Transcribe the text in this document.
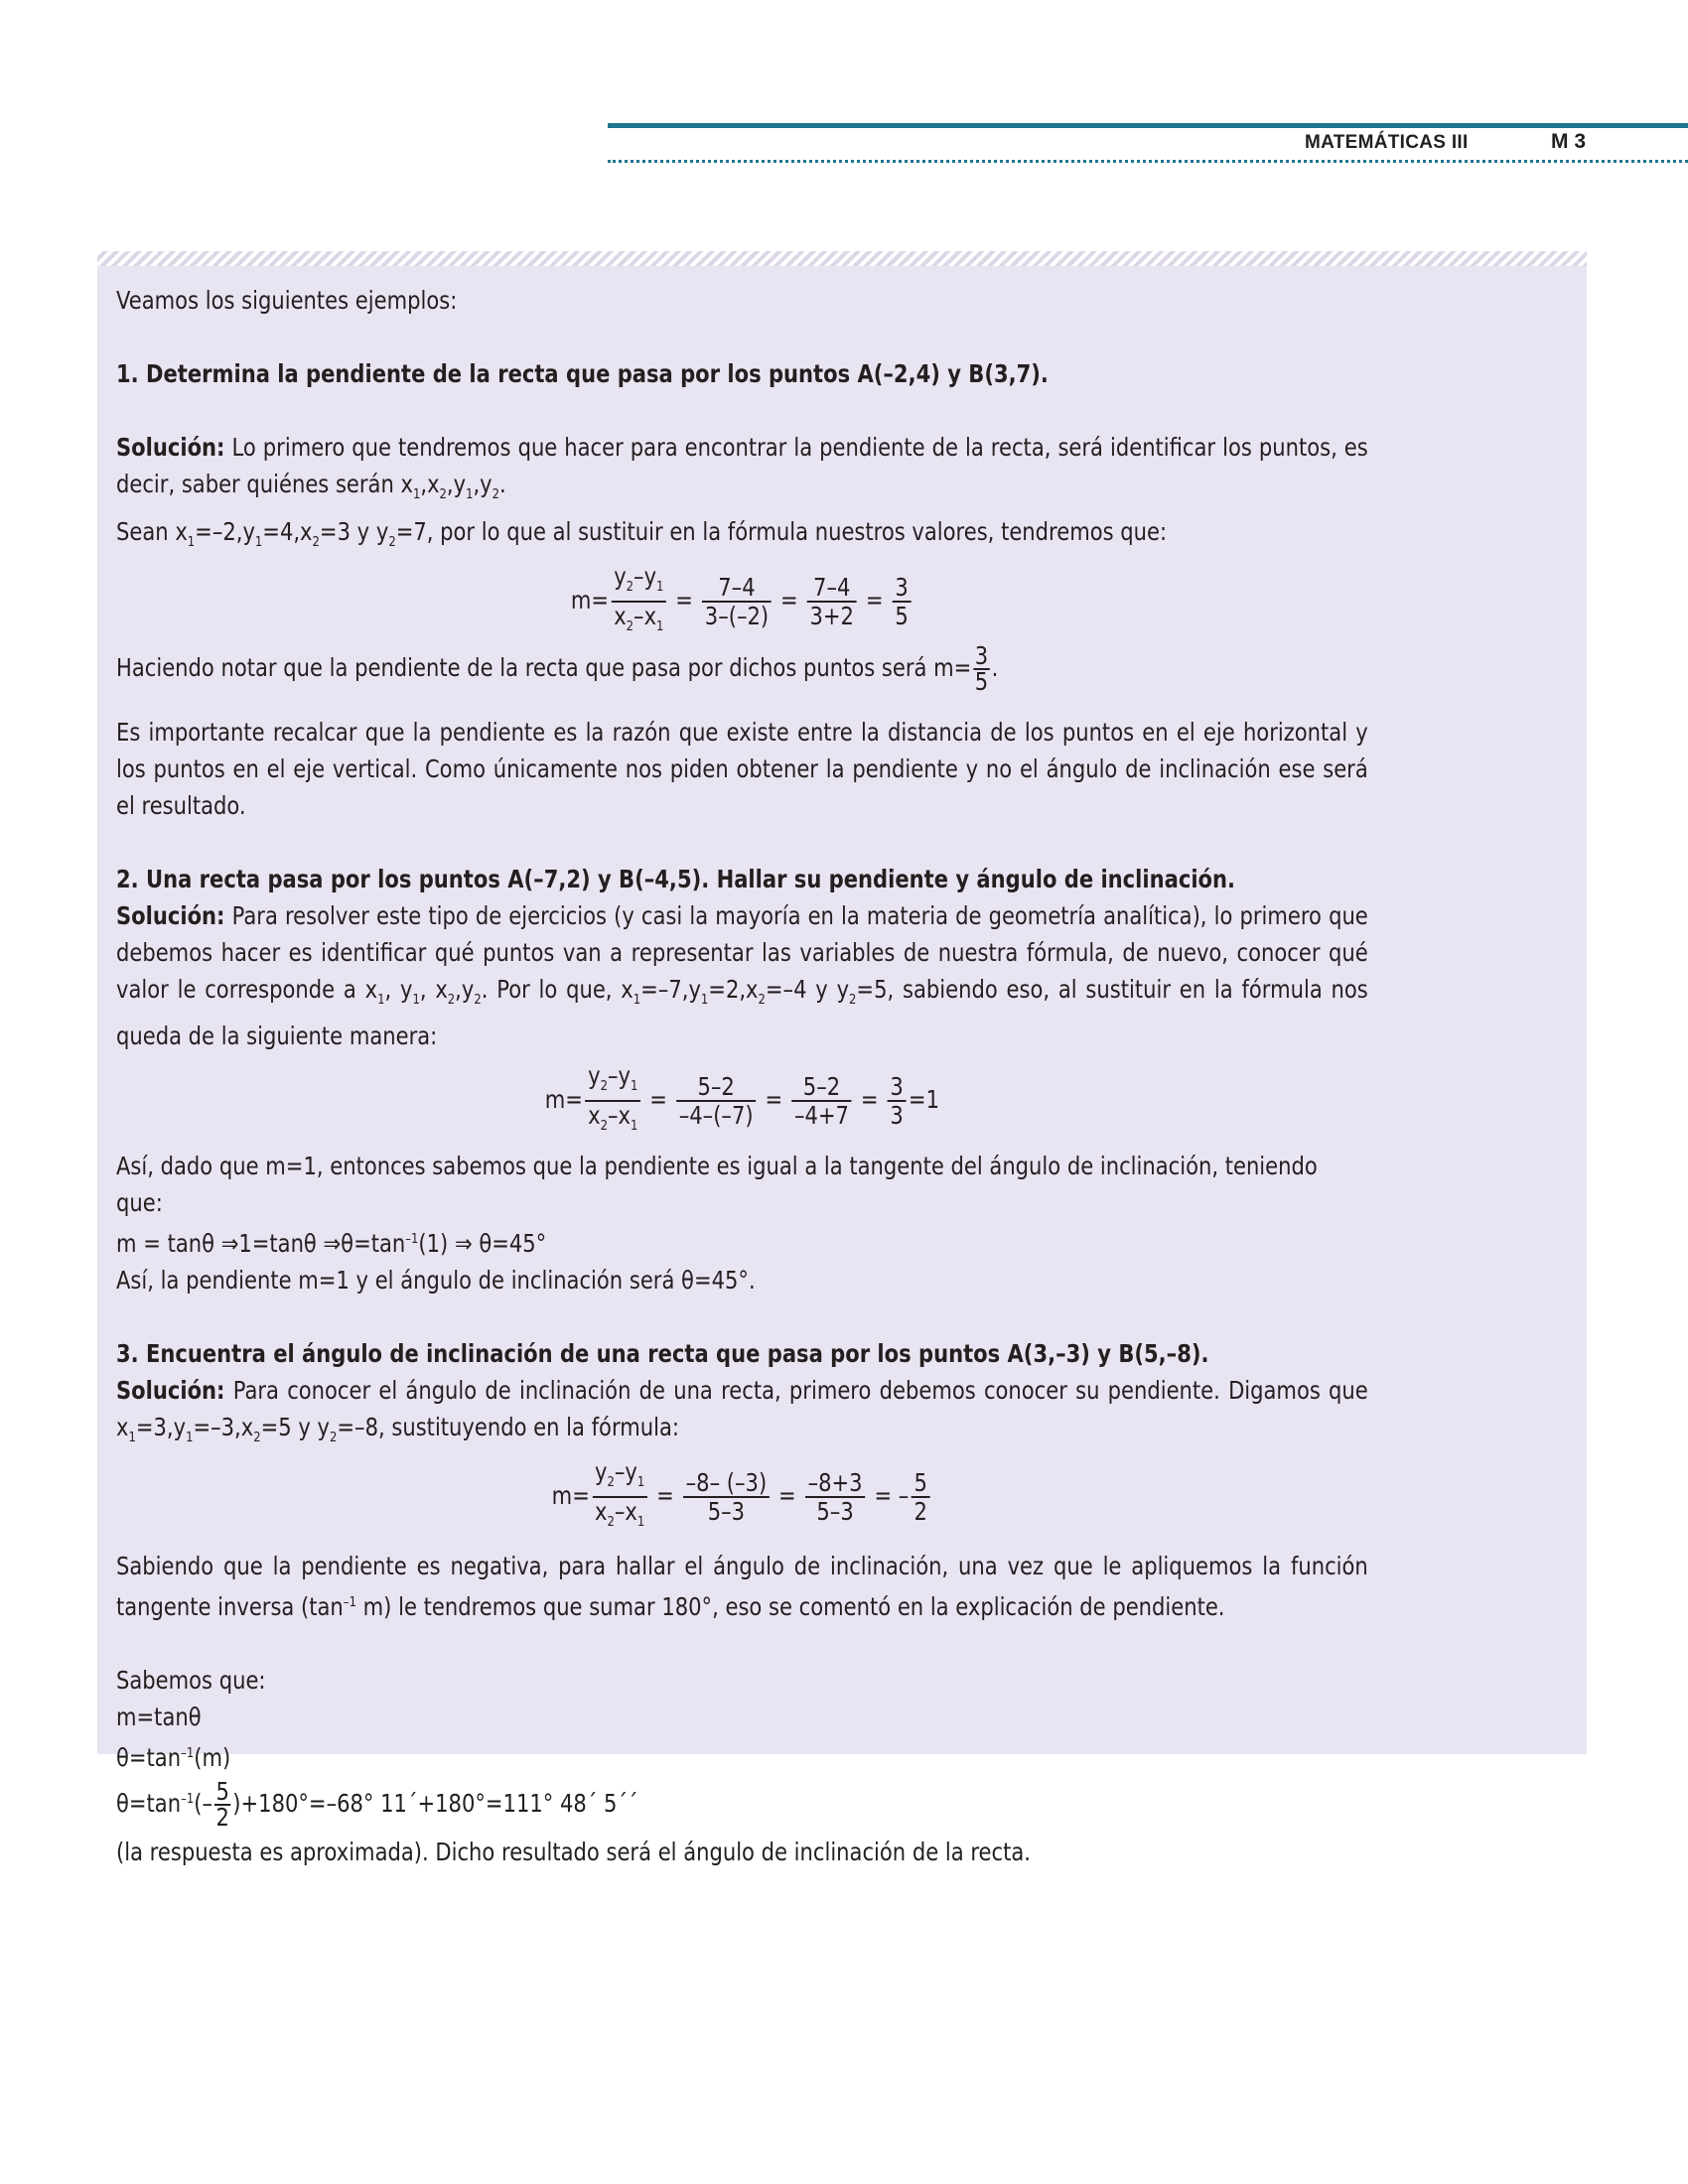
MATEMÁTICAS III	M 3

Veamos los siguientes ejemplos:

1. Determina la pendiente de la recta que pasa por los puntos A(–2,4) y B(3,7).

Solución: Lo primero que tendremos que hacer para encontrar la pendiente de la recta, será identificar los puntos, es decir, saber quiénes serán $x_1,x_2,y_1,y_2$.

Sean $x_1=-2,y_1=4,x_2=3$ y $y_2=7$, por lo que al sustituir en la fórmula nuestros valores, tendremos que:

$m= \frac{y_2-y_1}{x_2-x_1} = \frac{7-4}{3-(-2)} = \frac{7-4}{3+2} = \frac{3}{5}$

Haciendo notar que la pendiente de la recta que pasa por dichos puntos será $m= \frac{3}{5}$ .

Es importante recalcar que la pendiente es la razón que existe entre la distancia de los puntos en el eje horizontal y los puntos en el eje vertical. Como únicamente nos piden obtener la pendiente y no el ángulo de inclinación ese será el resultado.

2. Una recta pasa por los puntos A(–7,2) y B(–4,5). Hallar su pendiente y ángulo de inclinación.

Solución: Para resolver este tipo de ejercicios (y casi la mayoría en la materia de geometría analítica), lo primero que debemos hacer es identificar qué puntos van a representar las variables de nuestra fórmula, de nuevo, conocer qué valor le corresponde a $x_1$, $y_1$, $x_2,y_2$. Por lo que, $x_1=-7,y_1=2,x_2=-4$ y $y_2=5$, sabiendo eso, al sustituir en la fórmula nos queda de la siguiente manera:

$m= \frac{y_2-y_1}{x_2-x_1} = \frac{5-2}{-4-(-7)} = \frac{5-2}{-4+7} = \frac{3}{3} =1$

Así, dado que m=1, entonces sabemos que la pendiente es igual a la tangente del ángulo de inclinación, teniendo que:

m = tanθ ⇒1=tanθ $\Rightarrow\theta=\tan^{-1}(1)$ ⇒ θ=45°

Así, la pendiente m=1 y el ángulo de inclinación será θ=45°.

3. Encuentra el ángulo de inclinación de una recta que pasa por los puntos A(3,–3) y B(5,–8).

Solución: Para conocer el ángulo de inclinación de una recta, primero debemos conocer su pendiente. Digamos que $x_1=3,y_1=-3,x_2=5$ y $y_2=-8$, sustituyendo en la fórmula:

$m= \frac{y_2-y_1}{x_2-x_1} = \frac{-8- (-3)}{5-3} = \frac{-8+3}{5-3}$ = – $\frac{5}{2}$

Sabiendo que la pendiente es negativa, para hallar el ángulo de inclinación, una vez que le apliquemos la función tangente inversa ($\tan^{-1}$ m) le tendremos que sumar 180°, eso se comentó en la explicación de pendiente.

Sabemos que:

m=tanθ

$\theta=\tan^{-1}(m)$

$\theta=\tan^{-1}(- \frac{5}{2} )+180^\circ=-68^\circ$ 11´+180°=111° 48´ 5´´

(la respuesta es aproximada). Dicho resultado será el ángulo de inclinación de la recta.
